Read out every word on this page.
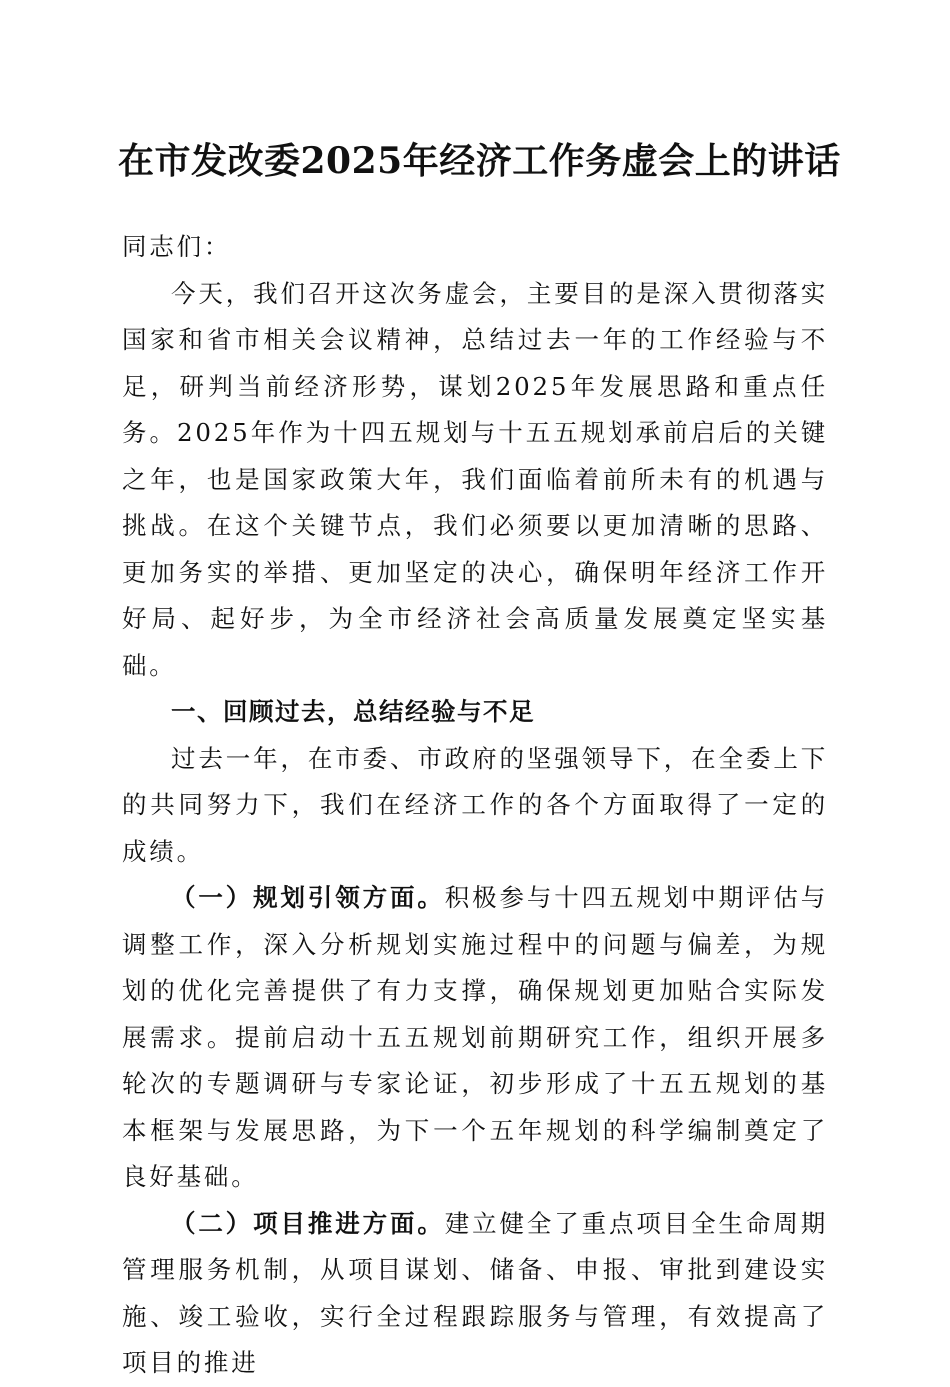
在市发改委2025年经济工作务虚会上的讲话

同志们：

今天，我们召开这次务虚会，主要目的是深入贯彻落实国家和省市相关会议精神，总结过去一年的工作经验与不足，研判当前经济形势，谋划2025年发展思路和重点任务。2025年作为十四五规划与十五五规划承前启后的关键之年，也是国家政策大年，我们面临着前所未有的机遇与挑战。在这个关键节点，我们必须要以更加清晰的思路、更加务实的举措、更加坚定的决心，确保明年经济工作开好局、起好步，为全市经济社会高质量发展奠定坚实基础。

一、回顾过去，总结经验与不足

过去一年，在市委、市政府的坚强领导下，在全委上下的共同努力下，我们在经济工作的各个方面取得了一定的成绩。

（一）规划引领方面。积极参与十四五规划中期评估与调整工作，深入分析规划实施过程中的问题与偏差，为规划的优化完善提供了有力支撑，确保规划更加贴合实际发展需求。提前启动十五五规划前期研究工作，组织开展多轮次的专题调研与专家论证，初步形成了十五五规划的基本框架与发展思路，为下一个五年规划的科学编制奠定了良好基础。

（二）项目推进方面。建立健全了重点项目全生命周期管理服务机制，从项目谋划、储备、申报、审批到建设实施、竣工验收，实行全过程跟踪服务与管理，有效提高了项目的推进
